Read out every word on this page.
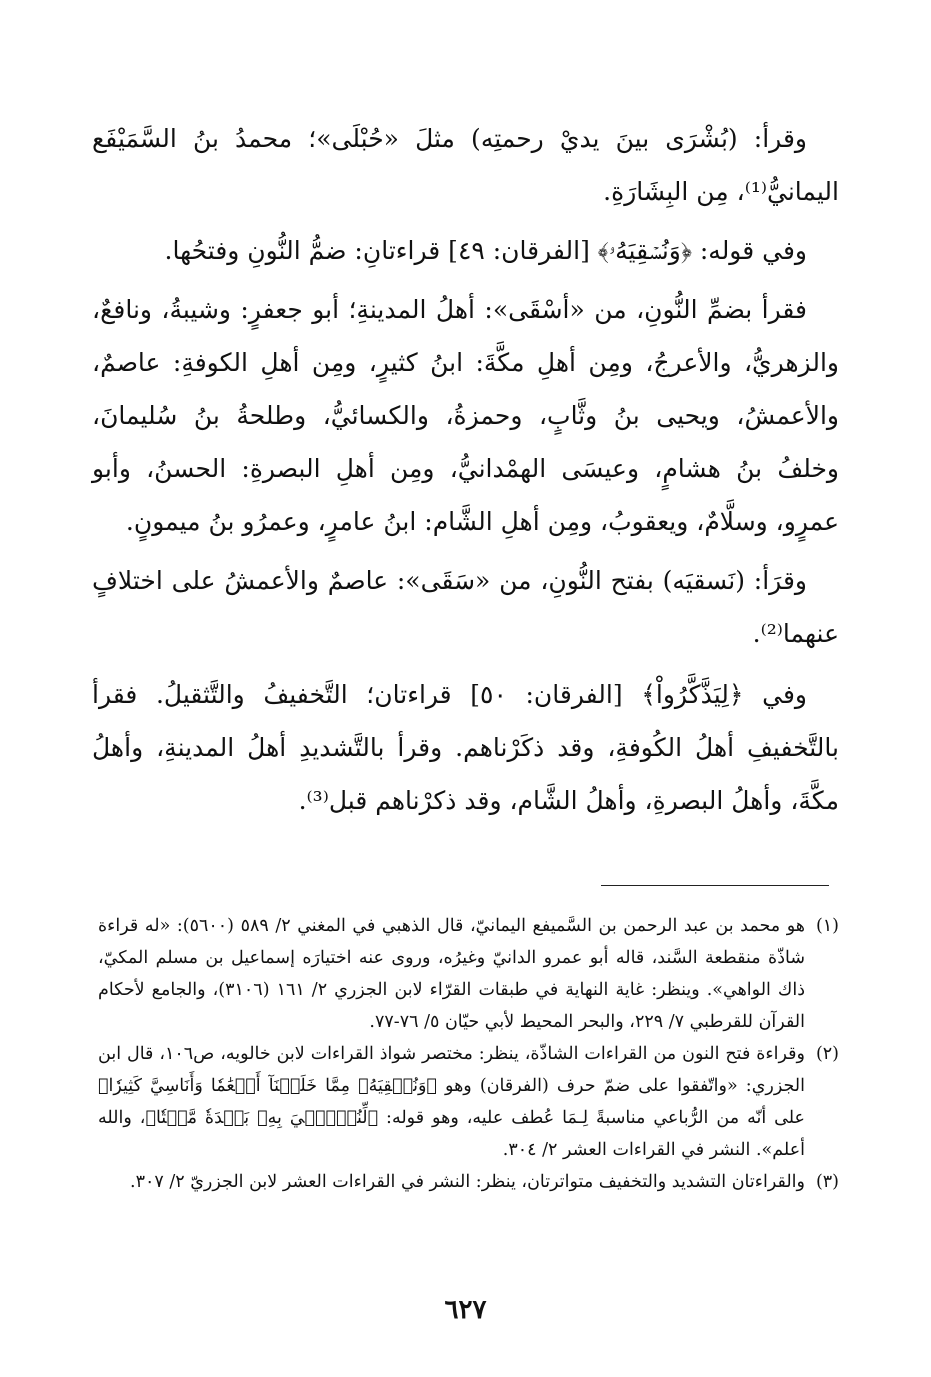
وقرأ: (بُشْرَى بينَ يديْ رحمتِه) مثلَ «حُبْلَى»؛ محمدُ بنُ السَّمَيْفَع اليمانيُّ⁽¹⁾، مِن البِشَارَةِ.

وفي قوله: ﴿وَنُسۡقِيَهُۥ﴾ [الفرقان: ٤٩] قراءتانِ: ضمُّ النُّونِ وفتحُها.

فقرأ بضمِّ النُّونِ، من «أسْقَى»: أهلُ المدينةِ؛ أبو جعفرٍ: وشيبةُ، ونافعٌ، والزهريُّ، والأعرجُ، ومِن أهلِ مكَّةَ: ابنُ كثيرٍ، ومِن أهلِ الكوفةِ: عاصمٌ، والأعمشُ، ويحيى بنُ وثَّابٍ، وحمزةُ، والكسائيُّ، وطلحةُ بنُ سُليمانَ، وخلفُ بنُ هشامٍ، وعيسَى الهمْدانيُّ، ومِن أهلِ البصرةِ: الحسنُ، وأبو عمرٍو، وسلَّامٌ، ويعقوبُ، ومِن أهلِ الشَّام: ابنُ عامرٍ، وعمرُو بنُ ميمونٍ.

وقرَأ: (نَسقيَه) بفتح النُّونِ، من «سَقَى»: عاصمٌ والأعمشُ على اختلافٍ عنهما⁽²⁾.

وفي ﴿لِيَذَّكَّرُواْ﴾ [الفرقان: ٥٠] قراءتان؛ التَّخفيفُ والتَّثقيلُ. فقرأ بالتَّخفيفِ أهلُ الكُوفةِ، وقد ذكَرْناهم. وقرأ بالتَّشديدِ أهلُ المدينةِ، وأهلُ مكَّةَ، وأهلُ البصرةِ، وأهلُ الشَّام، وقد ذكرْناهم قبل⁽³⁾.

(١)
هو محمد بن عبد الرحمن بن السَّميفع اليمانيّ، قال الذهبي في المغني ٢/ ٥٨٩ (٥٦٠٠): «له قراءة شاذّة منقطعة السَّند، قاله أبو عمرو الدانيّ وغيرُه، وروى عنه اختيارَه إسماعيل بن مسلم المكيّ، ذاك الواهي». وينظر: غاية النهاية في طبقات القرّاء لابن الجزري ٢/ ١٦١ (٣١٠٦)، والجامع لأحكام القرآن للقرطبي ٧/ ٢٢٩، والبحر المحيط لأبي حيّان ٥/ ٧٦-٧٧.

(٢)
وقراءة فتح النون من القراءات الشاذّة، ينظر: مختصر شواذ القراءات لابن خالويه، ص١٠٦، قال ابن الجزري: «واتّفقوا على ضمّ حرف (الفرقان) وهو ﴿وَنُسۡقِيَهُۥ مِمَّا خَلَقۡنَآ أَنۡعَٰمٗا وَأَنَاسِيَّ كَثِيرٗا﴾ على أنّه من الرُّباعي مناسبةً لِـمَا عُطف عليه، وهو قوله: ﴿لِّنُحۡـِۧيَ بِهِۦ بَلۡدَةٗ مَّيۡتٗا﴾، والله أعلم». النشر في القراءات العشر ٢/ ٣٠٤.

(٣)
والقراءتان التشديد والتخفيف متواترتان، ينظر: النشر في القراءات العشر لابن الجزريّ ٢/ ٣٠٧.

٦٢٧
